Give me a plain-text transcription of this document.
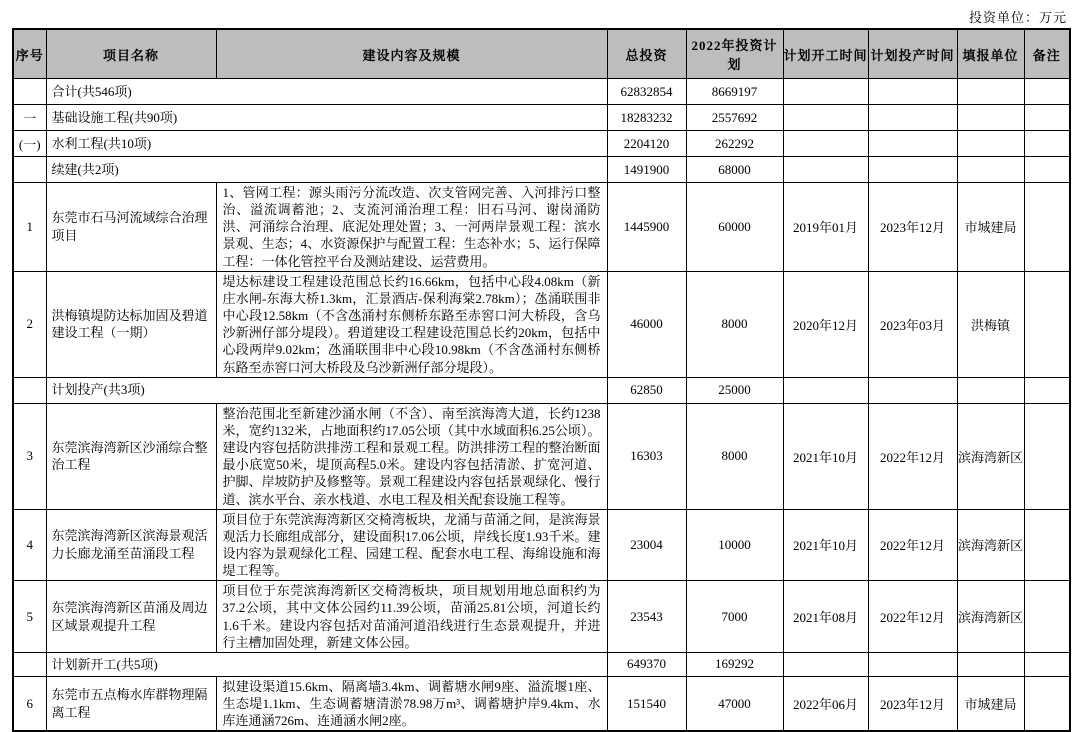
投资单位：万元
序号	项目名称	建设内容及规模	总投资	2022年投资计划	计划开工时间	计划投产时间	填报单位	备注
	合计(共546项)		62832854	8669197				
一	基础设施工程(共90项)		18283232	2557692				
(一)	水利工程(共10项)		2204120	262292				
	续建(共2项)		1491900	68000				
1	东莞市石马河流域综合治理项目	1、管网工程：源头雨污分流改造、次支管网完善、入河排污口整治、溢流调蓄池；2、支流河涌治理工程：旧石马河、谢岗涌防洪、河涌综合治理、底泥处理处置；3、一河两岸景观工程：滨水景观、生态；4、水资源保护与配置工程：生态补水；5、运行保障工程：一体化管控平台及测站建设、运营费用。	1445900	60000	2019年01月	2023年12月	市城建局	
2	洪梅镇堤防达标加固及碧道建设工程（一期）	堤达标建设工程建设范围总长约16.66km，包括中心段4.08km（新庄水闸-东海大桥1.3km，汇景酒店-保利海棠2.78km）；氹涌联围非中心段12.58km（不含氹涌村东侧桥东路至赤窖口河大桥段，含乌沙新洲仔部分堤段）。碧道建设工程建设范围总长约20km，包括中心段两岸9.02km；氹涌联围非中心段10.98km（不含氹涌村东侧桥东路至赤窖口河大桥段及乌沙新洲仔部分堤段）。	46000	8000	2020年12月	2023年03月	洪梅镇	
	计划投产(共3项)		62850	25000				
3	东莞滨海湾新区沙涌综合整治工程	整治范围北至新建沙涌水闸（不含）、南至滨海湾大道，长约1238米，宽约132米，占地面积约17.05公顷（其中水域面积6.25公顷）。建设内容包括防洪排涝工程和景观工程。防洪排涝工程的整治断面最小底宽50米，堤顶高程5.0米。建设内容包括清淤、扩宽河道、护脚、岸坡防护及修整等。景观工程建设内容包括景观绿化、慢行道、滨水平台、亲水栈道、水电工程及相关配套设施工程等。	16303	8000	2021年10月	2022年12月	滨海湾新区	
4	东莞滨海湾新区滨海景观活力长廊龙涌至苗涌段工程	项目位于东莞滨海湾新区交椅湾板块，龙涌与苗涌之间，是滨海景观活力长廊组成部分，建设面积17.06公顷，岸线长度1.93千米。建设内容为景观绿化工程、园建工程、配套水电工程、海绵设施和海堤工程等。	23004	10000	2021年10月	2022年12月	滨海湾新区	
5	东莞滨海湾新区苗涌及周边区域景观提升工程	项目位于东莞滨海湾新区交椅湾板块，项目规划用地总面积约为37.2公顷，其中文体公园约11.39公顷，苗涌25.81公顷，河道长约1.6千米。建设内容包括对苗涌河道沿线进行生态景观提升，并进行主槽加固处理，新建文体公园。	23543	7000	2021年08月	2022年12月	滨海湾新区	
	计划新开工(共5项)		649370	169292				
6	东莞市五点梅水库群物理隔离工程	拟建设渠道15.6km、隔离墙3.4km、调蓄塘水闸9座、溢流堰1座、生态堤1.1km、生态调蓄塘清淤78.98万m³、调蓄塘护岸9.4km、水库连通涵726m、连通涵水闸2座。	151540	47000	2022年06月	2023年12月	市城建局	
